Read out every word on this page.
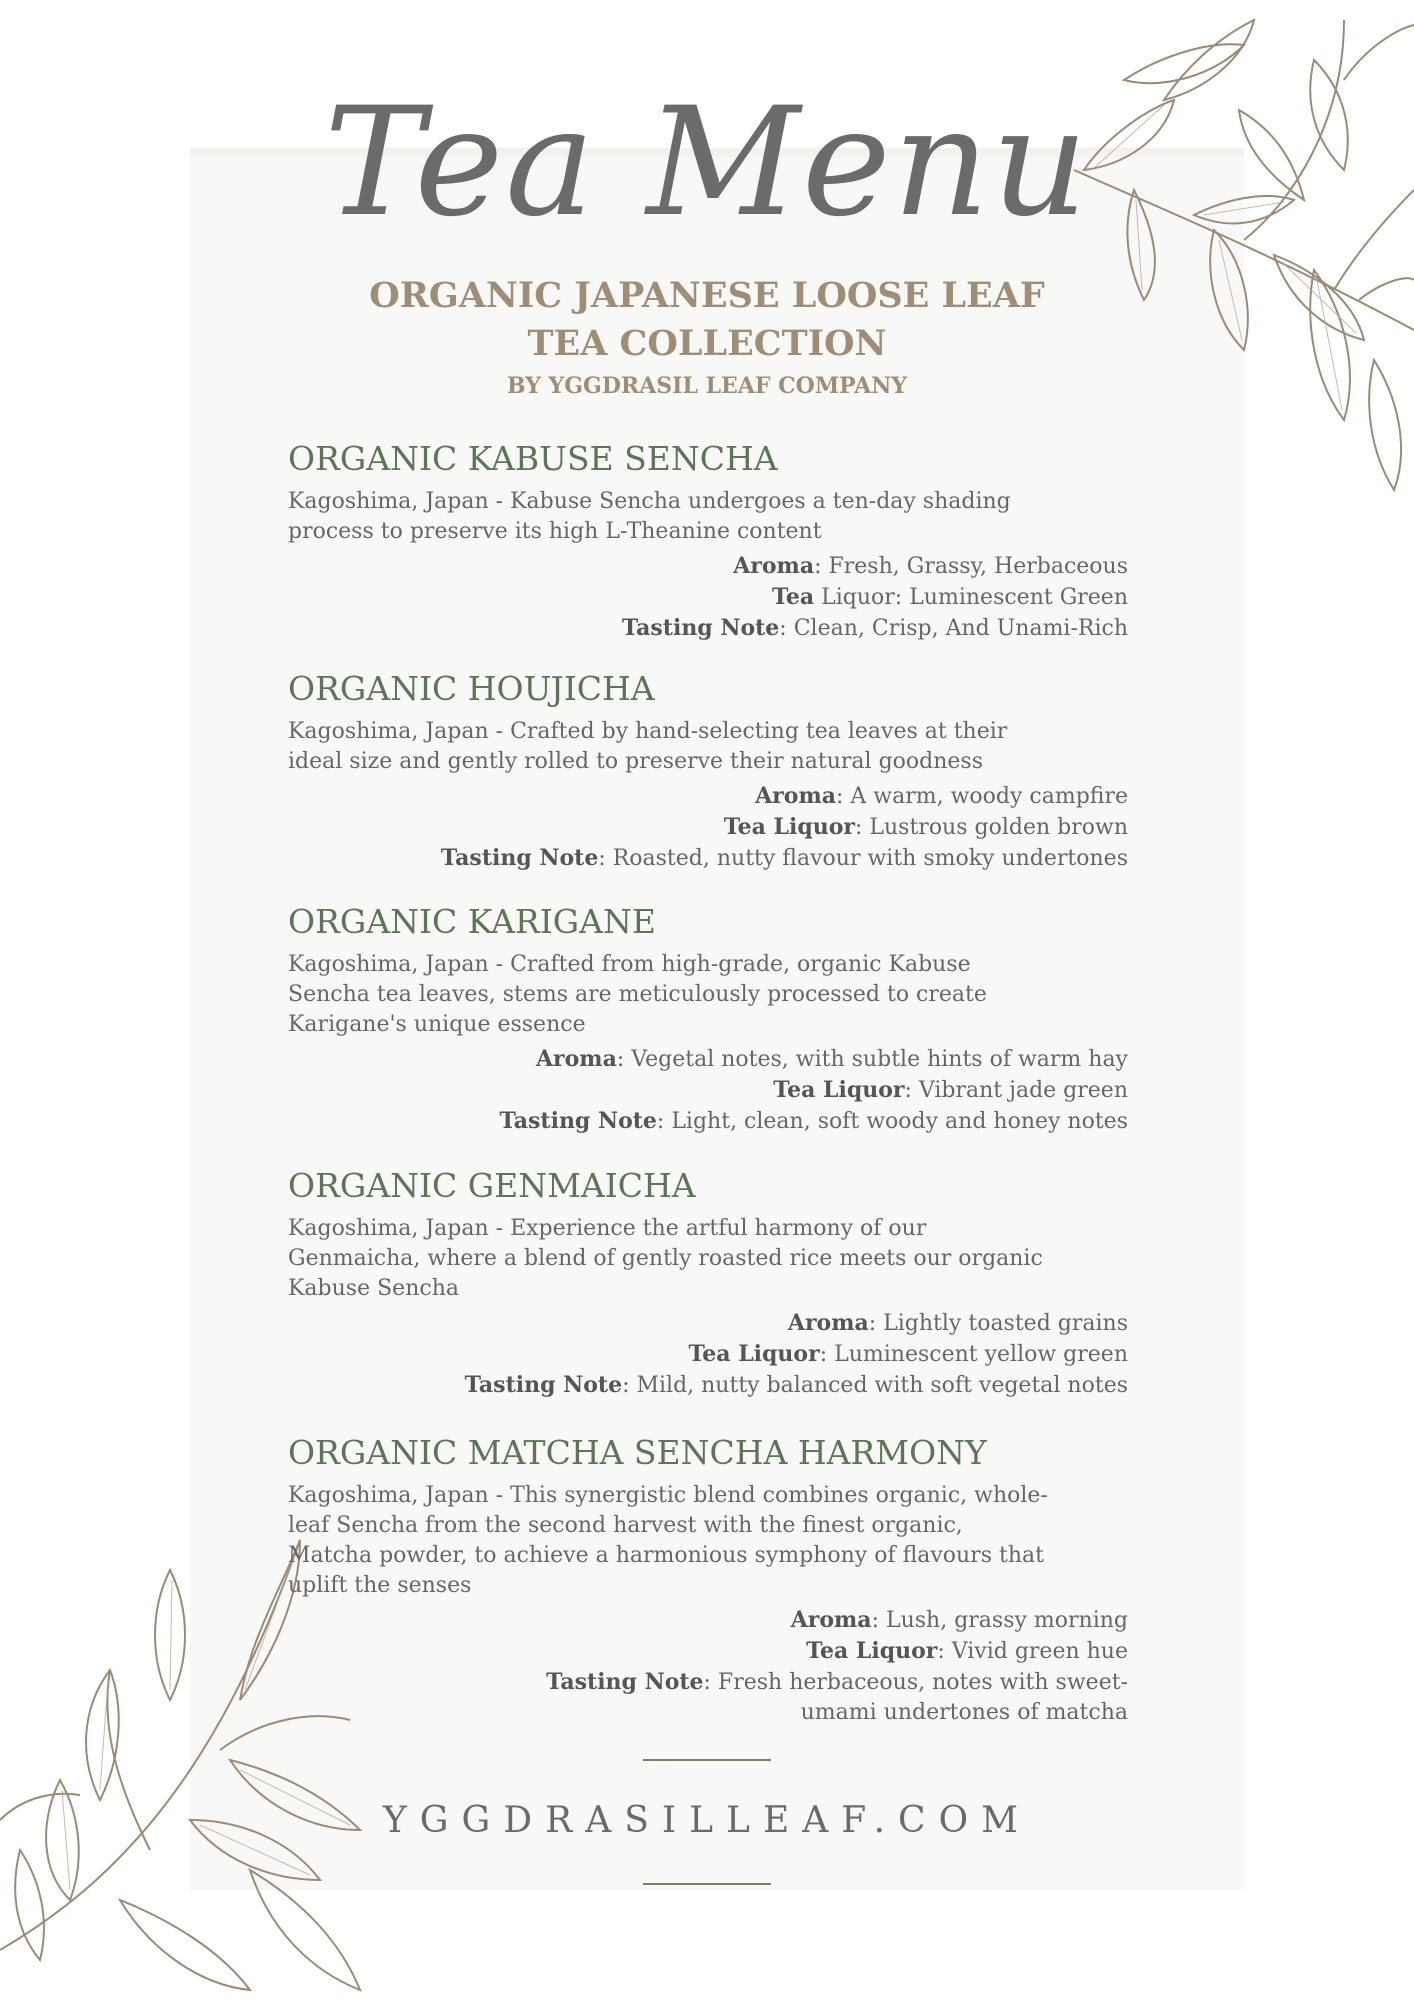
Tea Menu
ORGANIC JAPANESE LOOSE LEAF
TEA COLLECTION
BY YGGDRASIL LEAF COMPANY
ORGANIC KABUSE SENCHA

Kagoshima, Japan - Kabuse Sencha undergoes a ten-day shading process to preserve its high L-Theanine content

Aroma: Fresh, Grassy, Herbaceous
Tea Liquor: Luminescent Green
Tasting Note: Clean, Crisp, And Unami-Rich
ORGANIC HOUJICHA

Kagoshima, Japan - Crafted by hand-selecting tea leaves at their ideal size and gently rolled to preserve their natural goodness

Aroma: A warm, woody campfire
Tea Liquor: Lustrous golden brown
Tasting Note: Roasted, nutty flavour with smoky undertones
ORGANIC KARIGANE

Kagoshima, Japan - Crafted from high-grade, organic Kabuse Sencha tea leaves, stems are meticulously processed to create Karigane's unique essence

Aroma: Vegetal notes, with subtle hints of warm hay
Tea Liquor: Vibrant jade green
Tasting Note: Light, clean, soft woody and honey notes
ORGANIC GENMAICHA

Kagoshima, Japan - Experience the artful harmony of our Genmaicha, where a blend of gently roasted rice meets our organic Kabuse Sencha

Aroma: Lightly toasted grains
Tea Liquor: Luminescent yellow green
Tasting Note: Mild, nutty balanced with soft vegetal notes
ORGANIC MATCHA SENCHA HARMONY

Kagoshima, Japan - This synergistic blend combines organic, whole-leaf Sencha from the second harvest with the finest organic, Matcha powder, to achieve a harmonious symphony of flavours that uplift the senses

Aroma: Lush, grassy morning
Tea Liquor: Vivid green hue
Tasting Note: Fresh herbaceous, notes with sweet-umami undertones of matcha
YGGDRASILLEAF.COM
